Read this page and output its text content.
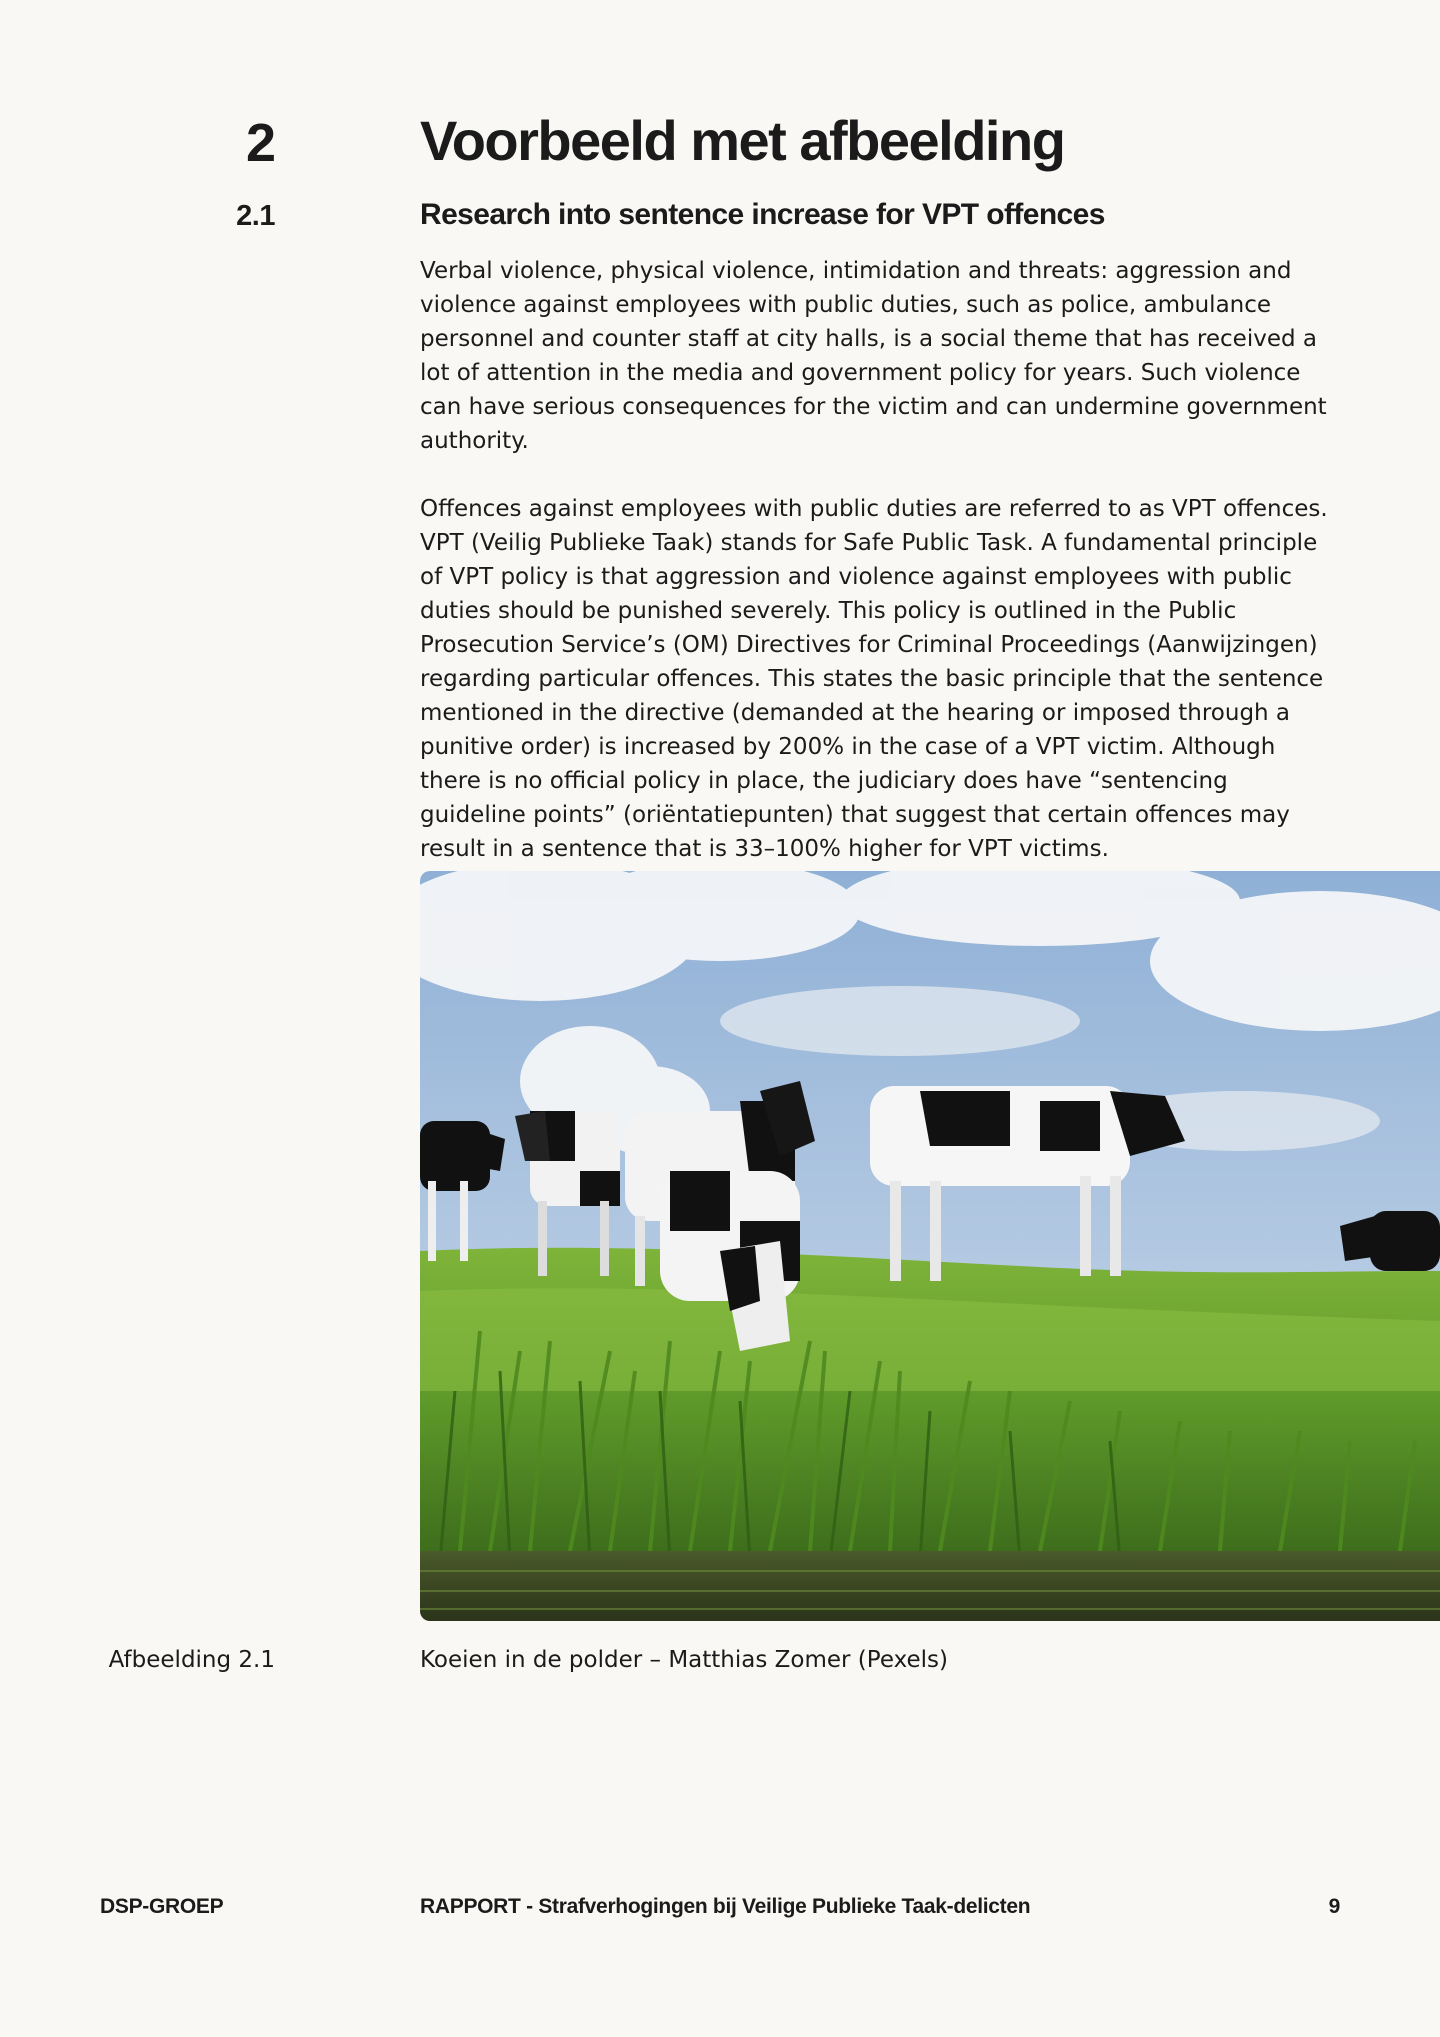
2	Voorbeeld met afbeelding
2.1	Research into sentence increase for VPT offences

Verbal violence, physical violence, intimidation and threats: aggression and violence against employees with public duties, such as police, ambulance personnel and counter staff at city halls, is a social theme that has received a lot of attention in the media and government policy for years. Such violence can have serious consequences for the victim and can undermine government authority.

Offences against employees with public duties are referred to as VPT offences. VPT (Veilig Publieke Taak) stands for Safe Public Task. A fundamental principle of VPT policy is that aggression and violence against employees with public duties should be punished severely. This policy is outlined in the Public Prosecution Service’s (OM) Directives for Criminal Proceedings (Aanwijzingen) regarding particular offences. This states the basic principle that the sentence mentioned in the directive (demanded at the hearing or imposed through a punitive order) is increased by 200% in the case of a VPT victim. Although there is no official policy in place, the judiciary does have “sentencing guideline points” (oriëntatiepunten) that suggest that certain offences may result in a sentence that is 33–100% higher for VPT victims.

Afbeelding 2.1	Koeien in de polder – Matthias Zomer (Pexels)
DSP-GROEP	RAPPORT - Strafverhogingen bij Veilige Publieke Taak-delicten	9
